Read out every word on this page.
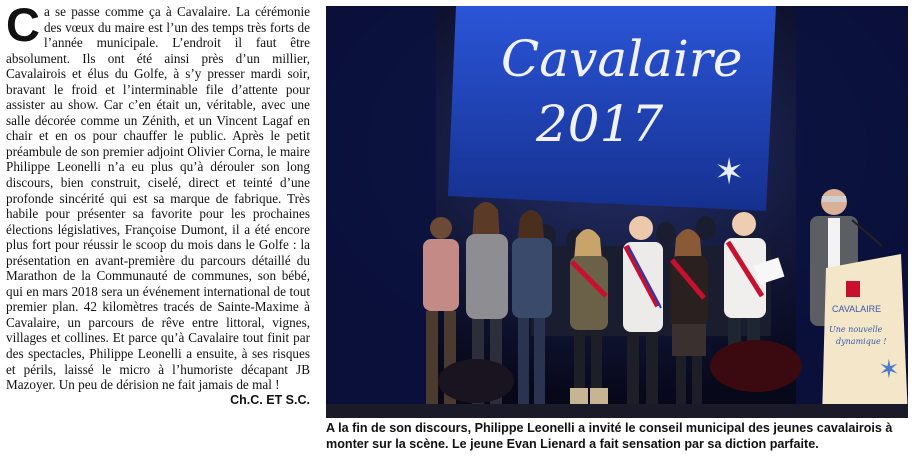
C a se passe comme ça à Cavalaire. La cérémonie des vœux du maire est l’un des temps très forts de l’année municipale. L’endroit il faut être absolument. Ils ont été ainsi près d’un millier, Cavalairois et élus du Golfe, à s’y presser mardi soir, bravant le froid et l’interminable file d’attente pour assister au show. Car c’en était un, véritable, avec une salle décorée comme un Zénith, et un Vincent Lagaf en chair et en os pour chauffer le public. Après le petit préambule de son premier adjoint Olivier Corna, le maire Philippe Leonelli n’a eu plus qu’à dérouler son long discours, bien construit, ciselé, direct et teinté d’une profonde sincérité qui est sa marque de fabrique. Très habile pour présenter sa favorite pour les prochaines élections législatives, Françoise Dumont, il a été encore plus fort pour réussir le scoop du mois dans le Golfe : la présentation en avant-première du parcours détaillé du Marathon de la Communauté de communes, son bébé, qui en mars 2018 sera un événement international de tout premier plan. 42 kilomètres tracés de Sainte-Maxime à Cavalaire, un parcours de rêve entre littoral, vignes, villages et collines. Et parce qu’à Cavalaire tout finit par des spectacles, Philippe Leonelli a ensuite, à ses risques et périls, laissé le micro à l’humoriste décapant JB Mazoyer. Un peu de dérision ne fait jamais de mal !
Ch.C. ET S.C.

Cavalaire
2017
✶
CAVALAIRE
Une nouvelle
dynamique !
✶
A la fin de son discours, Philippe Leonelli a invité le conseil municipal des jeunes cavalairois à monter sur la scène. Le jeune Evan Lienard a fait sensation par sa diction parfaite.
